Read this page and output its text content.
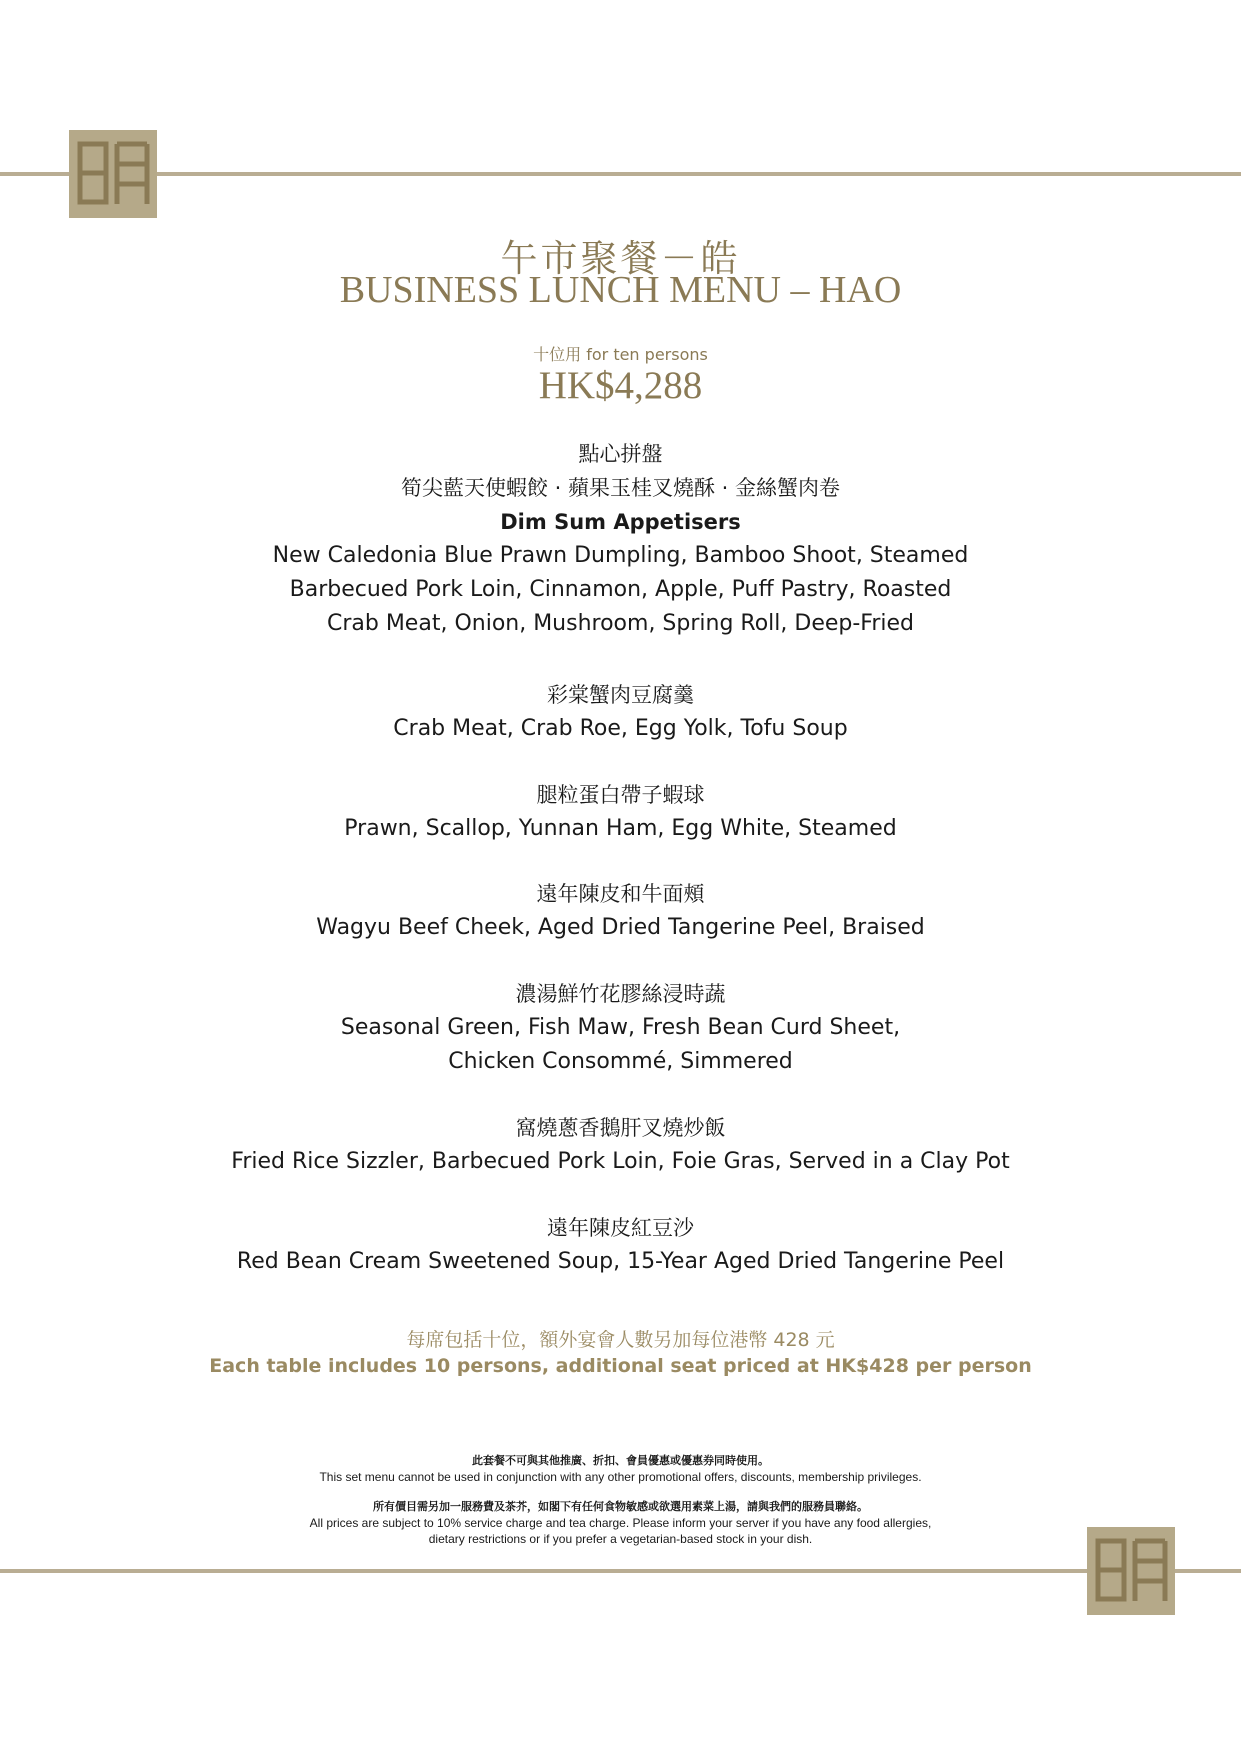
午市聚餐－皓
BUSINESS LUNCH MENU – HAO
十位用 for ten persons
HK$4,288
點心拼盤
筍尖藍天使蝦餃 · 蘋果玉桂叉燒酥 · 金絲蟹肉卷
Dim Sum Appetisers
New Caledonia Blue Prawn Dumpling, Bamboo Shoot, Steamed
Barbecued Pork Loin, Cinnamon, Apple, Puff Pastry, Roasted
Crab Meat, Onion, Mushroom, Spring Roll, Deep-Fried
彩棠蟹肉豆腐羹
Crab Meat, Crab Roe, Egg Yolk, Tofu Soup
腿粒蛋白帶子蝦球
Prawn, Scallop, Yunnan Ham, Egg White, Steamed
遠年陳皮和牛面頰
Wagyu Beef Cheek, Aged Dried Tangerine Peel, Braised
濃湯鮮竹花膠絲浸時蔬
Seasonal Green, Fish Maw, Fresh Bean Curd Sheet,
Chicken Consommé, Simmered
窩燒蔥香鵝肝叉燒炒飯
Fried Rice Sizzler, Barbecued Pork Loin, Foie Gras, Served in a Clay Pot
遠年陳皮紅豆沙
Red Bean Cream Sweetened Soup, 15-Year Aged Dried Tangerine Peel
每席包括十位，額外宴會人數另加每位港幣 428 元
Each table includes 10 persons, additional seat priced at HK$428 per person
此套餐不可與其他推廣、折扣、會員優惠或優惠券同時使用。
This set menu cannot be used in conjunction with any other promotional offers, discounts, membership privileges.
所有價目需另加一服務費及茶芥，如閣下有任何食物敏感或欲選用素菜上湯，請與我們的服務員聯絡。
All prices are subject to 10% service charge and tea charge. Please inform your server if you have any food allergies,
dietary restrictions or if you prefer a vegetarian-based stock in your dish.
